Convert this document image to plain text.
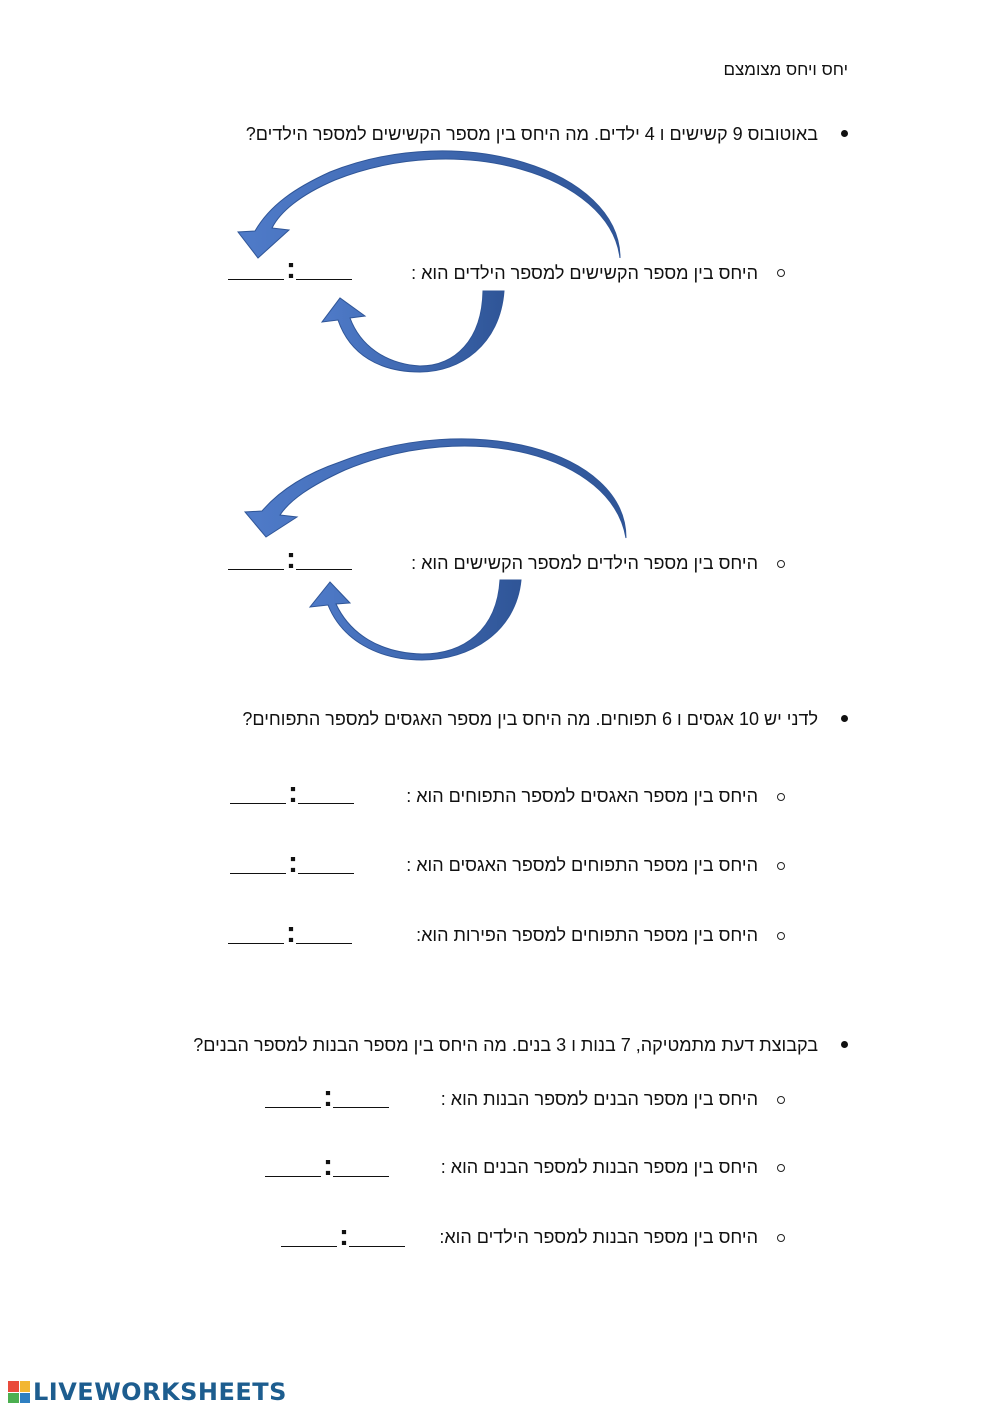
יחס ויחס מצומצם
באוטובוס 9 קשישים ו 4 ילדים. מה היחס בין מספר הקשישים למספר הילדים?
היחס בין מספר הקשישים למספר הילדים הוא :
:
היחס בין מספר הילדים למספר הקשישים הוא :
:
לדני יש 10 אגסים ו 6 תפוחים. מה היחס בין מספר האגסים למספר התפוחים?
היחס בין מספר האגסים למספר התפוחים הוא :
:
היחס בין מספר התפוחים למספר האגסים הוא :
:
היחס בין מספר התפוחים למספר הפירות הוא:
:
בקבוצת דעת מתמטיקה, 7 בנות ו 3 בנים. מה היחס בין מספר הבנות למספר הבנים?
היחס בין מספר הבנים למספר הבנות הוא :
:
היחס בין מספר הבנות למספר הבנים הוא :
:
היחס בין מספר הבנות למספר הילדים הוא:
:
LIVEWORKSHEETS
